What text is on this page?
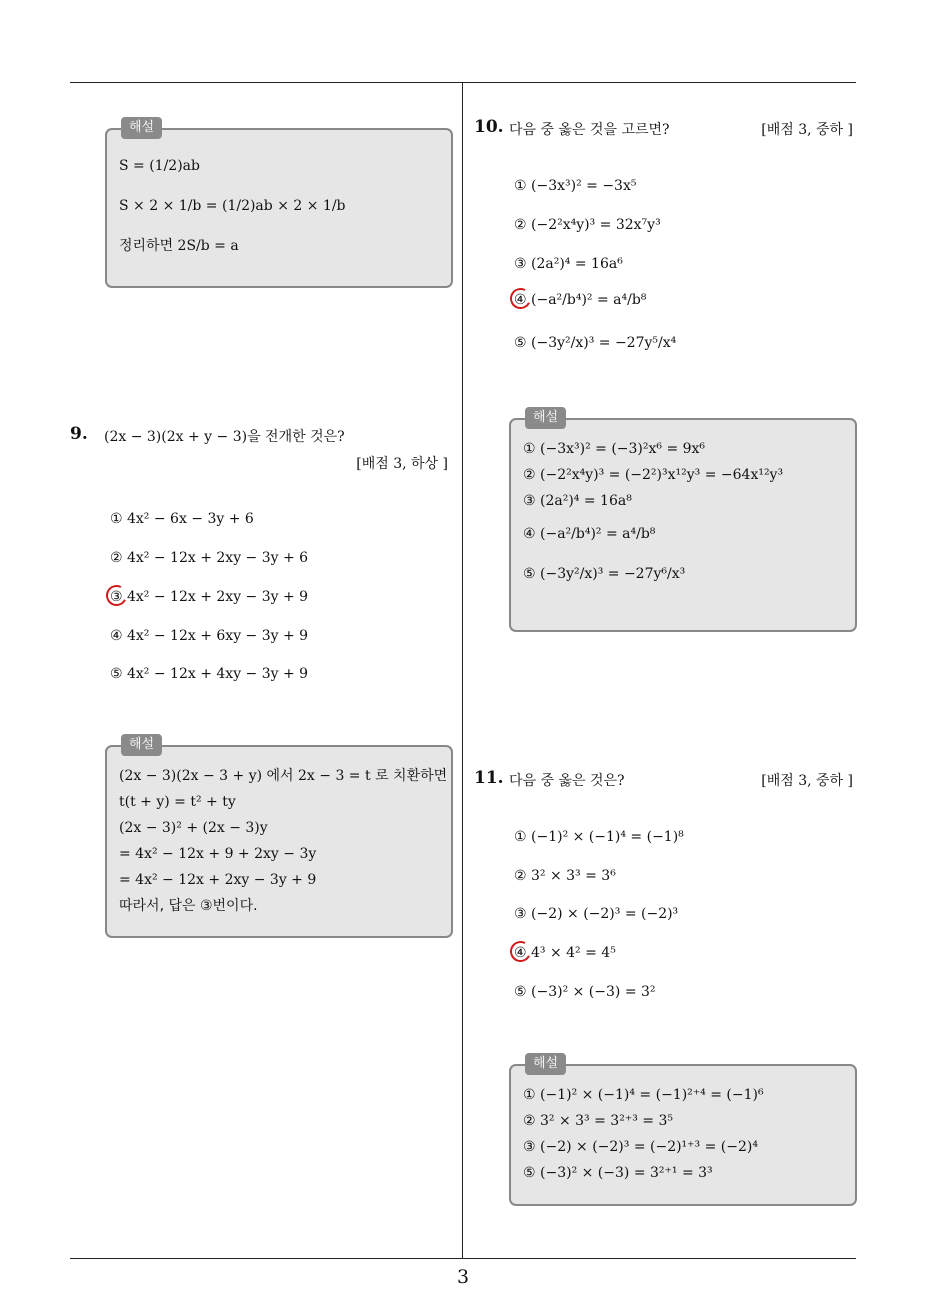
해설
S = (1/2)ab
S × 2 × 1/b = (1/2)ab × 2 × 1/b
정리하면 2S/b = a
9. (2x − 3)(2x + y − 3)을 전개한 것은?
[배점 3, 하상 ]
① 4x² − 6x − 3y + 6
② 4x² − 12x + 2xy − 3y + 6
③ 4x² − 12x + 2xy − 3y + 9
④ 4x² − 12x + 6xy − 3y + 9
⑤ 4x² − 12x + 4xy − 3y + 9
해설
(2x − 3)(2x − 3 + y) 에서 2x − 3 = t 로 치환하면
t(t + y) = t² + ty
(2x − 3)² + (2x − 3)y
= 4x² − 12x + 9 + 2xy − 3y
= 4x² − 12x + 2xy − 3y + 9
따라서, 답은 ③번이다.
10. 다음 중 옳은 것을 고르면?	[배점 3, 중하 ]
① (−3x³)² = −3x⁵
② (−2²x⁴y)³ = 32x⁷y³
③ (2a²)⁴ = 16a⁶
④ (−a²/b⁴)² = a⁴/b⁸
⑤ (−3y²/x)³ = −27y⁵/x⁴
해설
① (−3x³)² = (−3)²x⁶ = 9x⁶
② (−2²x⁴y)³ = (−2²)³x¹²y³ = −64x¹²y³
③ (2a²)⁴ = 16a⁸
④ (−a²/b⁴)² = a⁴/b⁸
⑤ (−3y²/x)³ = −27y⁶/x³
11. 다음 중 옳은 것은?	[배점 3, 중하 ]
① (−1)² × (−1)⁴ = (−1)⁸
② 3² × 3³ = 3⁶
③ (−2) × (−2)³ = (−2)³
④ 4³ × 4² = 4⁵
⑤ (−3)² × (−3) = 3²
해설
① (−1)² × (−1)⁴ = (−1)²⁺⁴ = (−1)⁶
② 3² × 3³ = 3²⁺³ = 3⁵
③ (−2) × (−2)³ = (−2)¹⁺³ = (−2)⁴
⑤ (−3)² × (−3) = 3²⁺¹ = 3³
3
